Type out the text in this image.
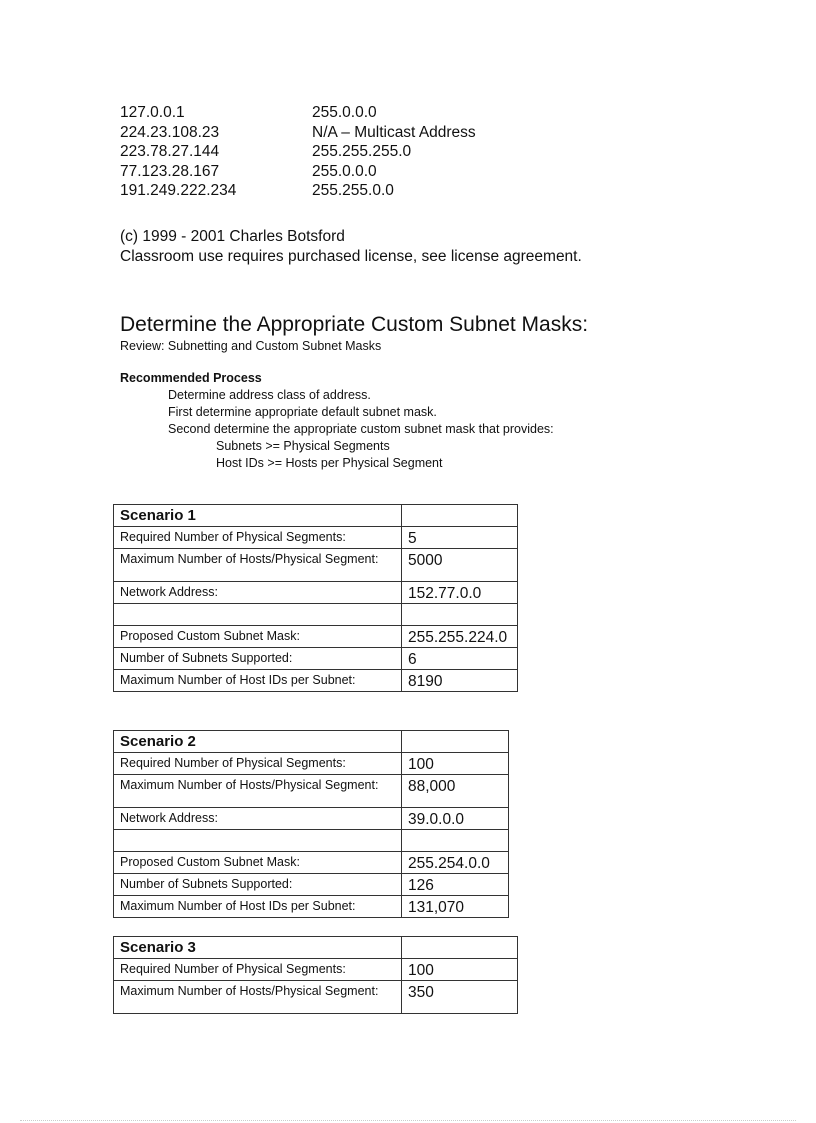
127.0.0.1	255.0.0.0
224.23.108.23	N/A – Multicast Address
223.78.27.144	255.255.255.0
77.123.28.167	255.0.0.0
191.249.222.234	255.255.0.0
(c) 1999 - 2001 Charles Botsford
Classroom use requires purchased license, see license agreement.
Determine the Appropriate Custom Subnet Masks:
Review: Subnetting and Custom Subnet Masks
Recommended Process
Determine address class of address.
First determine appropriate default subnet mask.
Second determine the appropriate custom subnet mask that provides:
Subnets >= Physical Segments
Host IDs >= Hosts per Physical Segment
Scenario 1	
Required Number of Physical Segments:	5
Maximum Number of Hosts/Physical Segment:	5000
Network Address:	152.77.0.0

Proposed Custom Subnet Mask:	255.255.224.0
Number of Subnets Supported:	6
Maximum Number of Host IDs per Subnet:	8190
Scenario 2	
Required Number of Physical Segments:	100
Maximum Number of Hosts/Physical Segment:	88,000
Network Address:	39.0.0.0

Proposed Custom Subnet Mask:	255.254.0.0
Number of Subnets Supported:	126
Maximum Number of Host IDs per Subnet:	131,070
Scenario 3	
Required Number of Physical Segments:	100
Maximum Number of Hosts/Physical Segment:	350
